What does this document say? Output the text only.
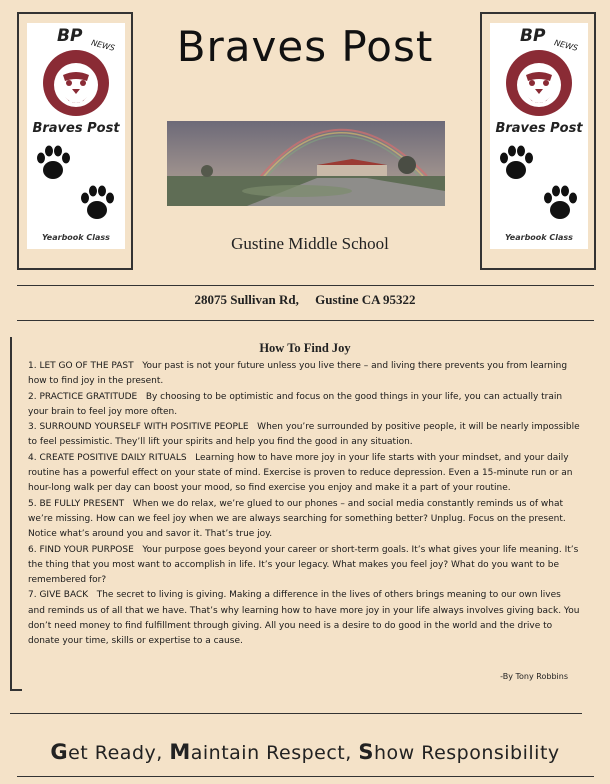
BP NEWS
Braves Post
Yearbook Class
BP NEWS
Braves Post
Yearbook Class
Braves Post
Gustine Middle School
28075 Sullivan Rd, Gustine CA 95322
How To Find Joy

1. LET GO OF THE PAST Your past is not your future unless you live there – and living there prevents you from learning how to find joy in the present.

2. PRACTICE GRATITUDE By choosing to be optimistic and focus on the good things in your life, you can actually train your brain to feel joy more often.

3. SURROUND YOURSELF WITH POSITIVE PEOPLE When you’re surrounded by positive people, it will be nearly impossible to feel pessimistic. They’ll lift your spirits and help you find the good in any situation.

4. CREATE POSITIVE DAILY RITUALS Learning how to have more joy in your life starts with your mindset, and your daily routine has a powerful effect on your state of mind. Exercise is proven to reduce depression. Even a 15-minute run or an hour-long walk per day can boost your mood, so find exercise you enjoy and make it a part of your routine.

5. BE FULLY PRESENT When we do relax, we’re glued to our phones – and social media constantly reminds us of what we’re missing. How can we feel joy when we are always searching for something better? Unplug. Focus on the present. Notice what’s around you and savor it. That’s true joy.

6. FIND YOUR PURPOSE Your purpose goes beyond your career or short-term goals. It’s what gives your life meaning. It’s the thing that you most want to accomplish in life. It’s your legacy. What makes you feel joy? What do you want to be remembered for?

7. GIVE BACK The secret to living is giving. Making a difference in the lives of others brings meaning to our own lives and reminds us of all that we have. That’s why learning how to have more joy in your life always involves giving back. You don’t need money to find fulfillment through giving. All you need is a desire to do good in the world and the drive to donate your time, skills or expertise to a cause.

-By Tony Robbins
Get Ready, Maintain Respect, Show Responsibility
